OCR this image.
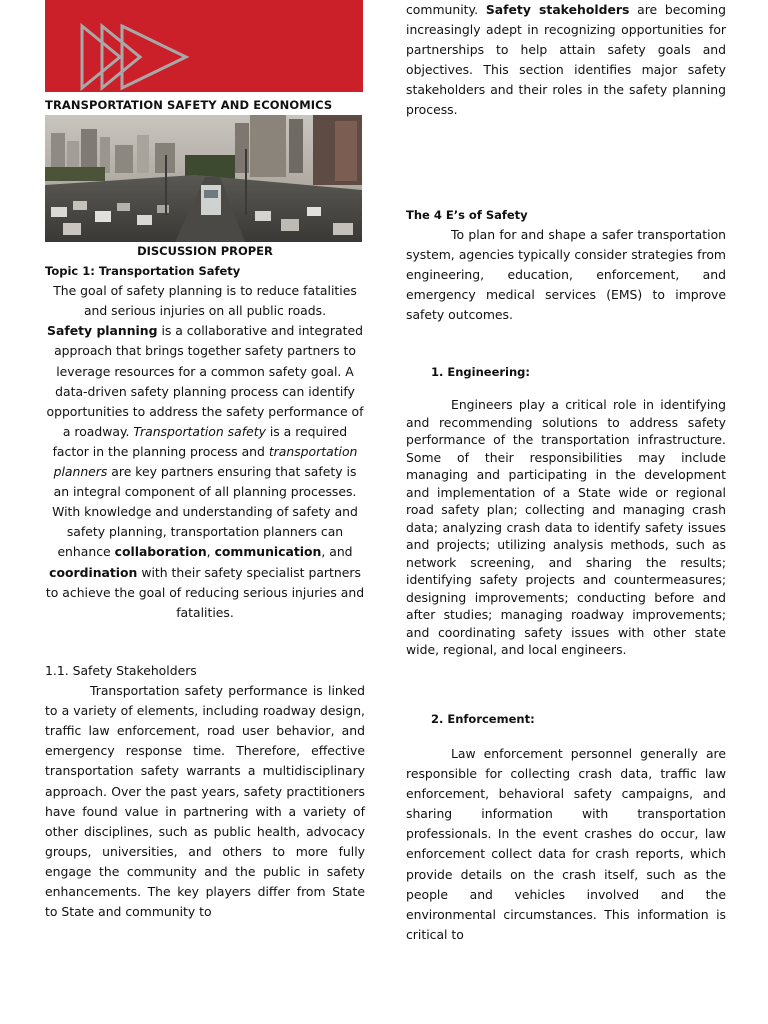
TRANSPORTATION SAFETY AND ECONOMICS

DISCUSSION PROPER

Topic 1: Transportation Safety

The goal of safety planning is to reduce fatalities and serious injuries on all public roads.

Safety planning is a collaborative and integrated approach that brings together safety partners to leverage resources for a common safety goal. A data-driven safety planning process can identify opportunities to address the safety performance of a roadway. Transportation safety is a required factor in the planning process and transportation planners are key partners ensuring that safety is an integral component of all planning processes. With knowledge and understanding of safety and safety planning, transportation planners can enhance collaboration, communication, and coordination with their safety specialist partners to achieve the goal of reducing serious injuries and fatalities.

1.1. Safety Stakeholders

Transportation safety performance is linked to a variety of elements, including roadway design, traffic law enforcement, road user behavior, and emergency response time. Therefore, effective transportation safety warrants a multidisciplinary approach. Over the past years, safety practitioners have found value in partnering with a variety of other disciplines, such as public health, advocacy groups, universities, and others to more fully engage the community and the public in safety enhancements. The key players differ from State to State and community to

community. Safety stakeholders are becoming increasingly adept in recognizing opportunities for partnerships to help attain safety goals and objectives. This section identifies major safety stakeholders and their roles in the safety planning process.

The 4 E’s of Safety

To plan for and shape a safer transportation system, agencies typically consider strategies from engineering, education, enforcement, and emergency medical services (EMS) to improve safety outcomes.

1. Engineering:

Engineers play a critical role in identifying and recommending solutions to address safety performance of the transportation infrastructure. Some of their responsibilities may include managing and participating in the development and implementation of a State wide or regional road safety plan; collecting and managing crash data; analyzing crash data to identify safety issues and projects; utilizing analysis methods, such as network screening, and sharing the results; identifying safety projects and countermeasures; designing improvements; conducting before and after studies; managing roadway improvements; and coordinating safety issues with other state wide, regional, and local engineers.

2. Enforcement:

Law enforcement personnel generally are responsible for collecting crash data, traffic law enforcement, behavioral safety campaigns, and sharing information with transportation professionals. In the event crashes do occur, law enforcement collect data for crash reports, which provide details on the crash itself, such as the people and vehicles involved and the environmental circumstances. This information is critical to
